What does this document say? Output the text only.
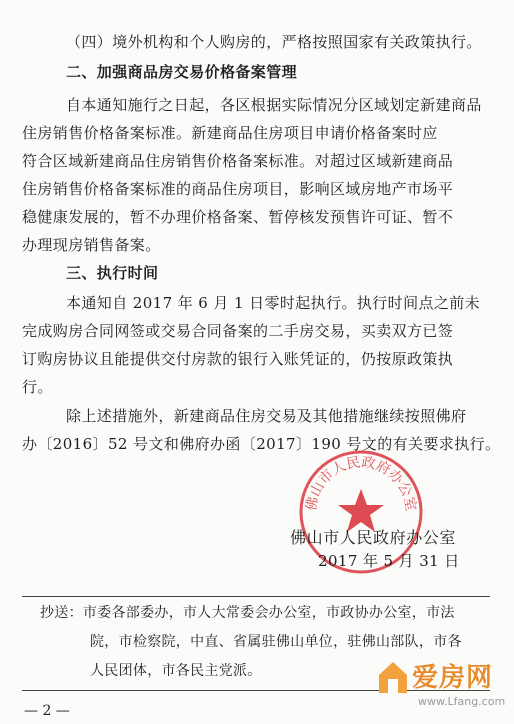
（四）境外机构和个人购房的，严格按照国家有关政策执行。
二、加强商品房交易价格备案管理
自本通知施行之日起，各区根据实际情况分区域划定新建商品
住房销售价格备案标准。新建商品住房项目申请价格备案时应
符合区域新建商品住房销售价格备案标准。对超过区域新建商品
住房销售价格备案标准的商品住房项目，影响区域房地产市场平
稳健康发展的，暂不办理价格备案、暂停核发预售许可证、暂不
办理现房销售备案。
三、执行时间
本通知自 2017 年 6 月 1 日零时起执行。执行时间点之前未
完成购房合同网签或交易合同备案的二手房交易，买卖双方已签
订购房协议且能提供交付房款的银行入账凭证的，仍按原政策执
行。
除上述措施外，新建商品住房交易及其他措施继续按照佛府
办〔2016〕52 号文和佛府办函〔2017〕190 号文的有关要求执行。
佛山市人民政府办公室
佛山市人民政府办公室
2017 年 5 月 31 日
抄送：市委各部委办，市人大常委会办公室，市政协办公室，市法
院，市检察院，中直、省属驻佛山单位，驻佛山部队，市各
人民团体，市各民主党派。
— 2 —
爱房网
www.Lfang.com
